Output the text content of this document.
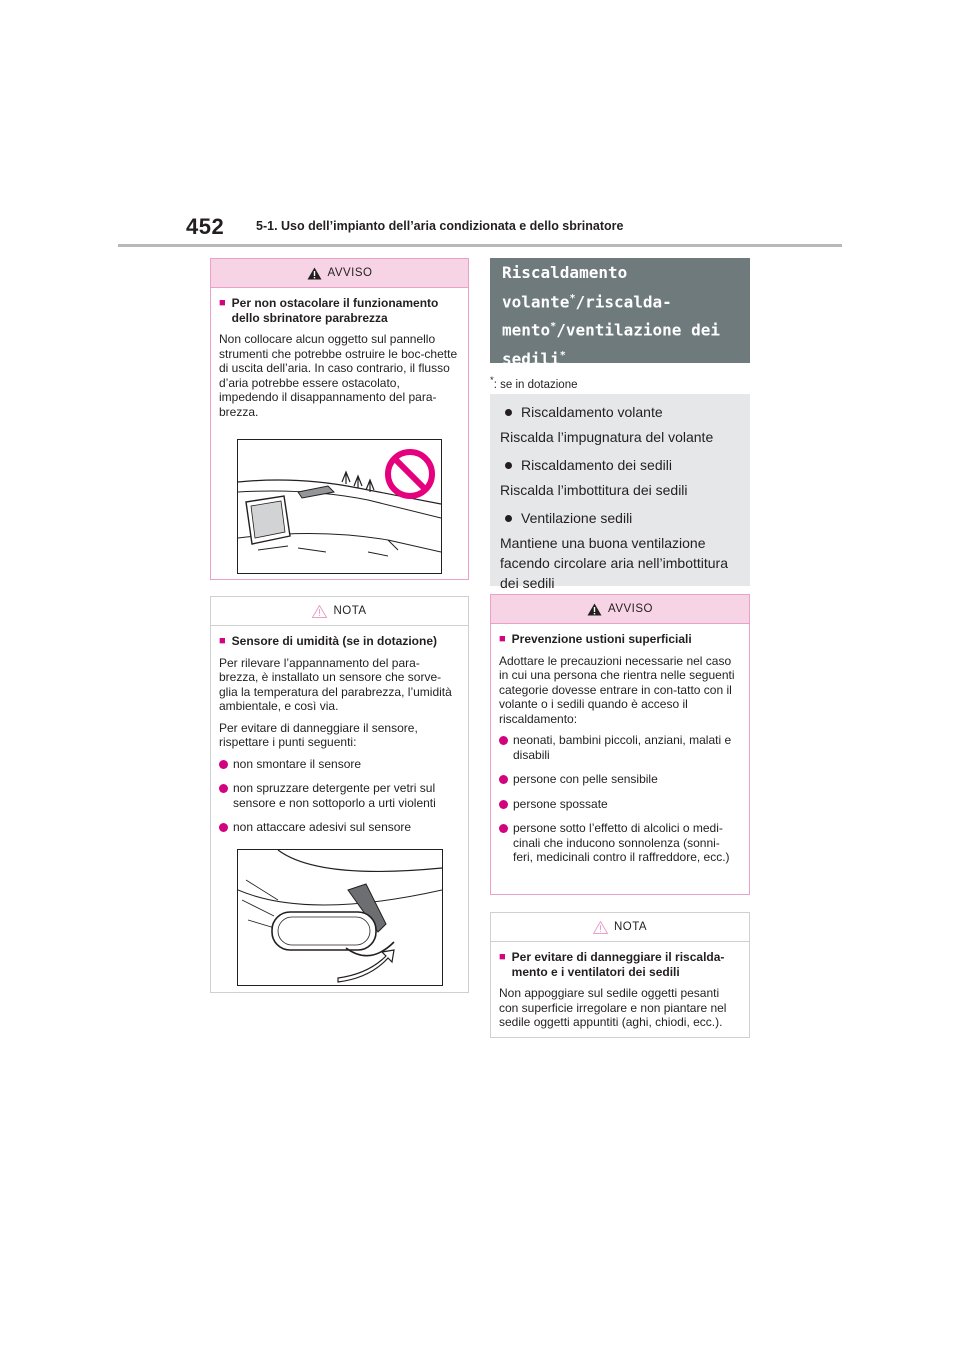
452	5-1. Uso dell’impianto dell’aria condizionata e dello sbrinatore
AVVISO
■ Per non ostacolare il funzionamento dello sbrinatore parabrezza

Non collocare alcun oggetto sul pannello strumenti che potrebbe ostruire le boc-chette di uscita dell’aria. In caso contrario, il flusso d’aria potrebbe essere ostacolato, impedendo il disappannamento del para-brezza.

NOTA
■ Sensore di umidità (se in dotazione)

Per rilevare l’appannamento del para-brezza, è installato un sensore che sorve-glia la temperatura del parabrezza, l’umidità ambientale, e così via.

Per evitare di danneggiare il sensore, rispettare i punti seguenti:

non smontare il sensore
non spruzzare detergente per vetri sul sensore e non sottoporlo a urti violenti
non attaccare adesivi sul sensore
Riscaldamento
volante*/riscalda-
mento*/ventilazione dei
sedili*
*: se in dotazione
Riscaldamento volante
Riscalda l’impugnatura del volante
Riscaldamento dei sedili
Riscalda l’imbottitura dei sedili
Ventilazione sedili
Mantiene una buona ventilazione facendo circolare aria nell’imbottitura dei sedili
AVVISO
■ Prevenzione ustioni superficiali

Adottare le precauzioni necessarie nel caso in cui una persona che rientra nelle seguenti categorie dovesse entrare in con-tatto con il volante o i sedili quando è acceso il riscaldamento:

neonati, bambini piccoli, anziani, malati e disabili
persone con pelle sensibile
persone spossate
persone sotto l’effetto di alcolici o medi-cinali che inducono sonnolenza (sonni-feri, medicinali contro il raffreddore, ecc.)
NOTA
■ Per evitare di danneggiare il riscalda-mento e i ventilatori dei sedili

Non appoggiare sul sedile oggetti pesanti con superficie irregolare e non piantare nel sedile oggetti appuntiti (aghi, chiodi, ecc.).
